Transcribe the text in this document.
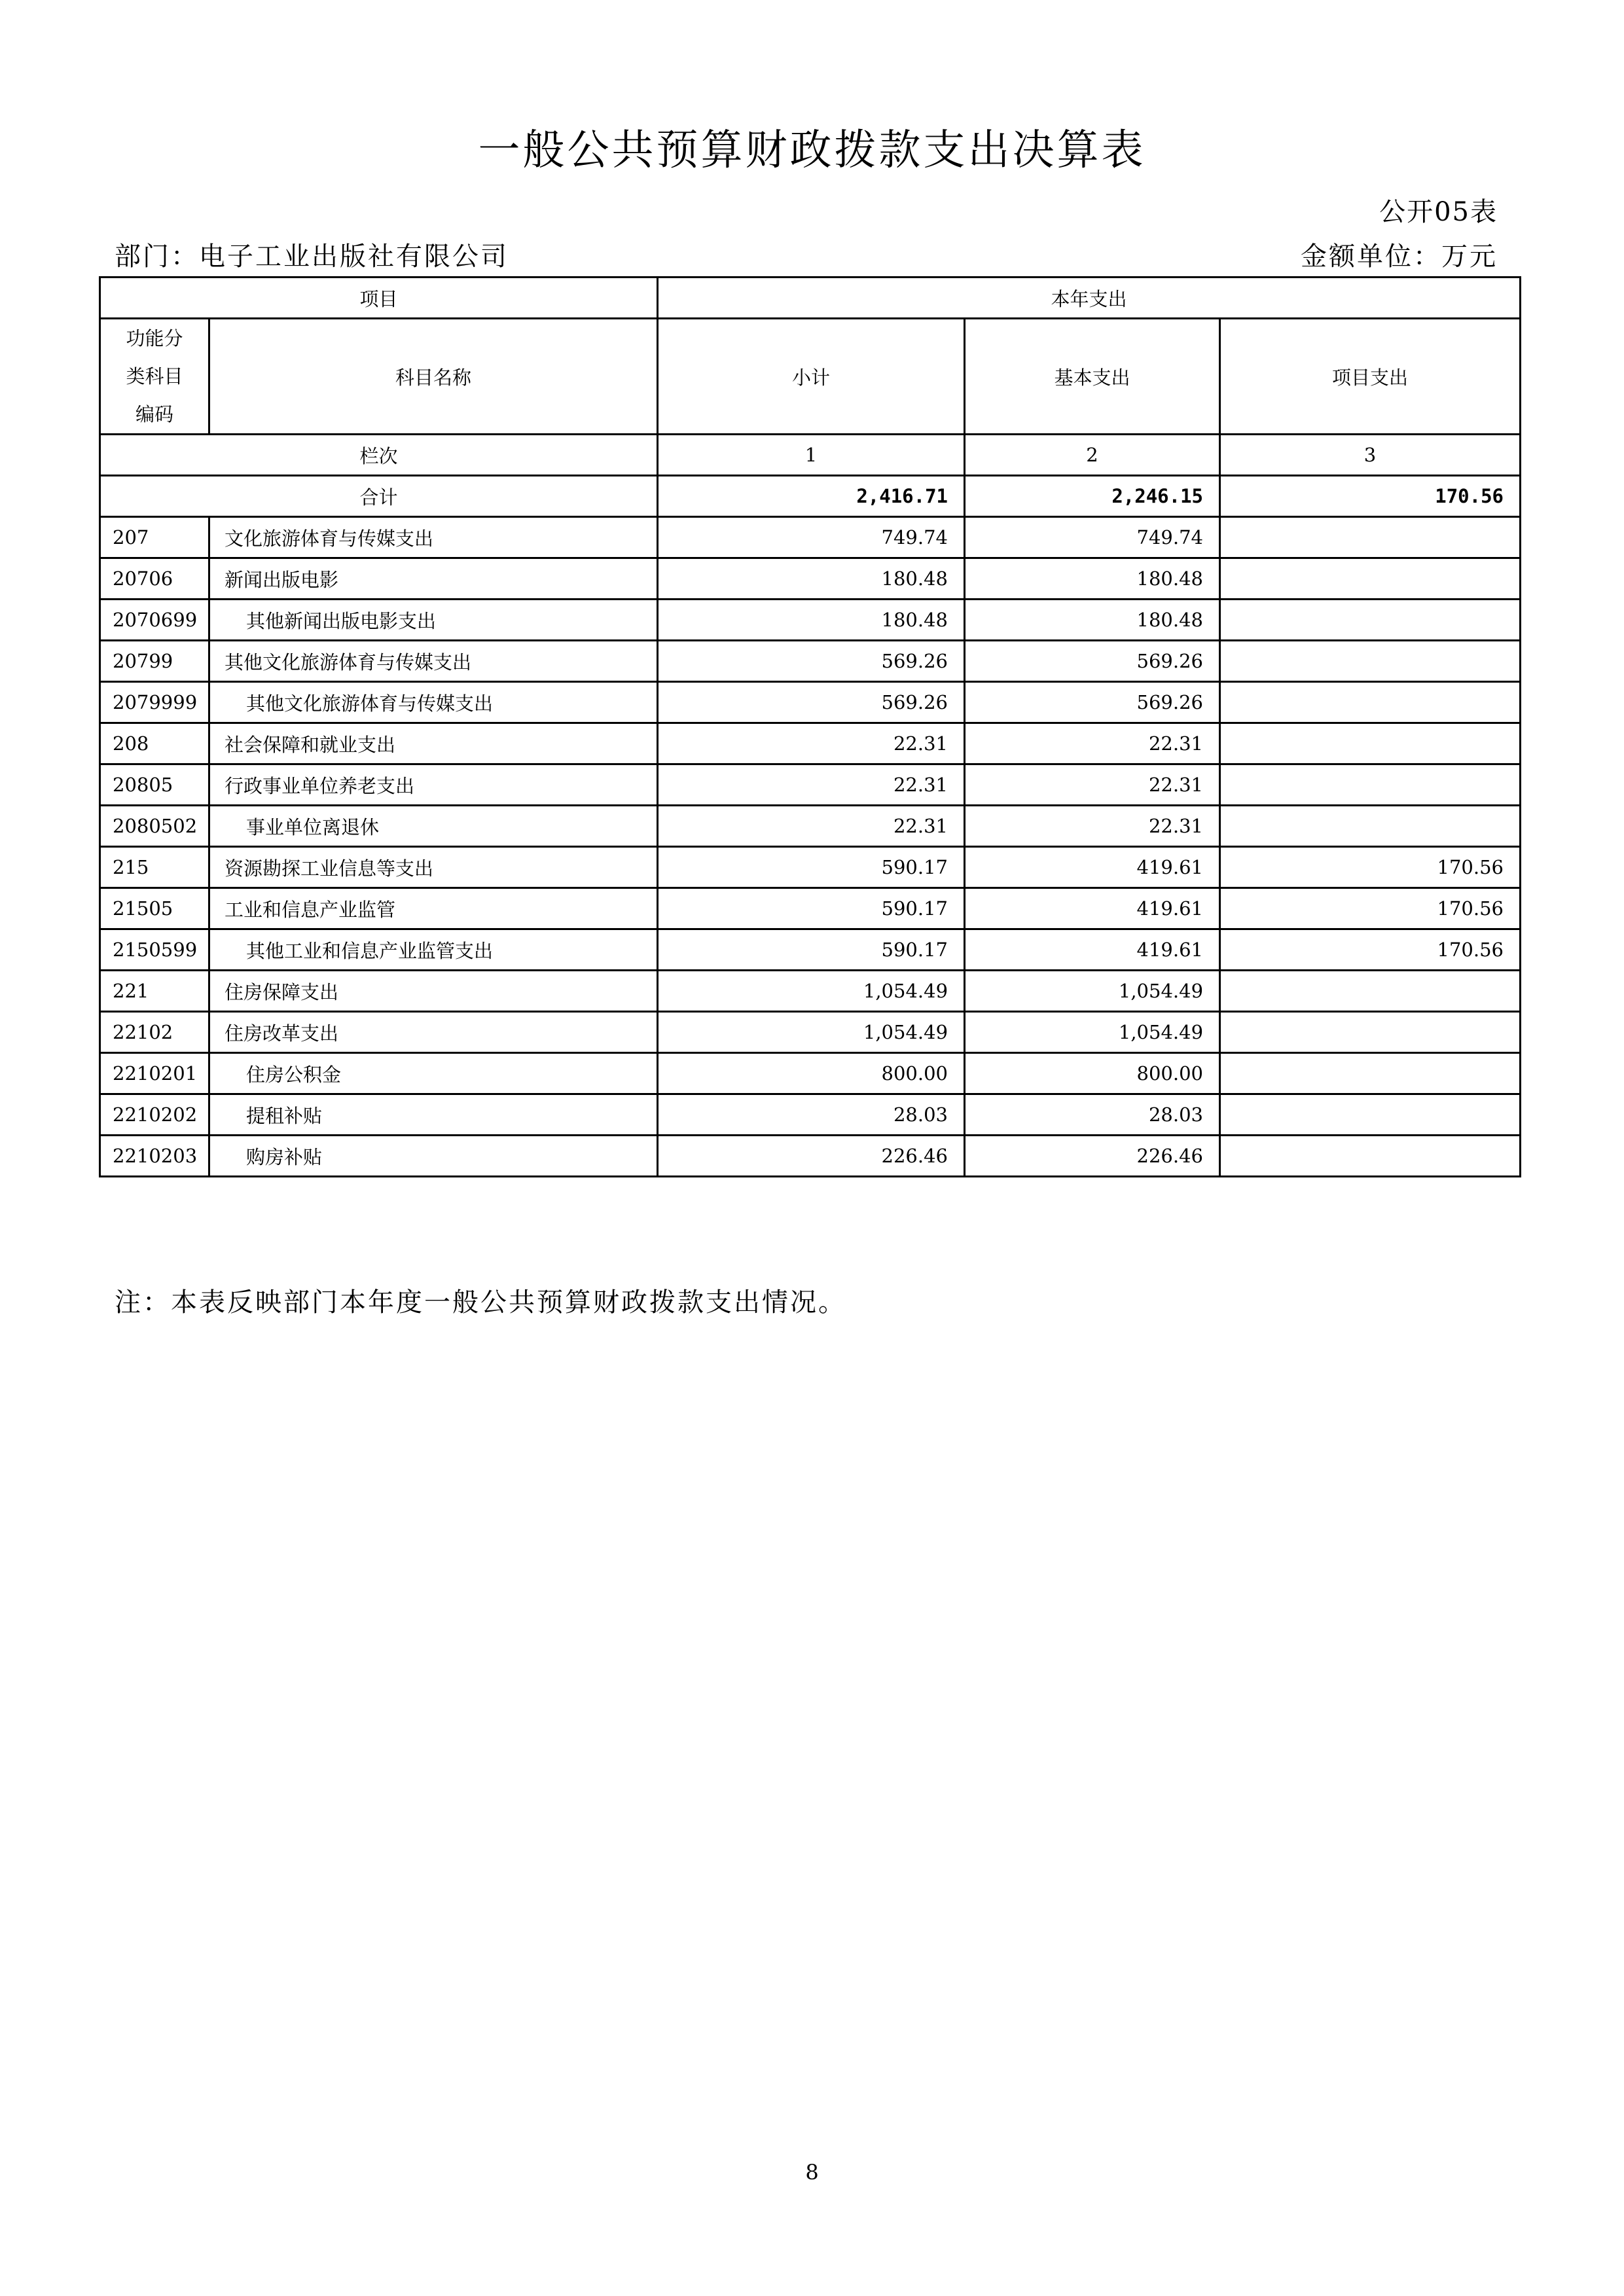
一般公共预算财政拨款支出决算表
公开05表
部门：电子工业出版社有限公司	金额单位：万元
项目		本年支出		

功能分
类科目
编码	科目名称	小计	基本支出	项目支出
栏次		1	2	3
合计		2,416.71	2,246.15	170.56
207	文化旅游体育与传媒支出	749.74	749.74	
20706	新闻出版电影	180.48	180.48	
2070699	其他新闻出版电影支出	180.48	180.48	
20799	其他文化旅游体育与传媒支出	569.26	569.26	
2079999	其他文化旅游体育与传媒支出	569.26	569.26	
208	社会保障和就业支出	22.31	22.31	
20805	行政事业单位养老支出	22.31	22.31	
2080502	事业单位离退休	22.31	22.31	
215	资源勘探工业信息等支出	590.17	419.61	170.56
21505	工业和信息产业监管	590.17	419.61	170.56
2150599	其他工业和信息产业监管支出	590.17	419.61	170.56
221	住房保障支出	1,054.49	1,054.49	
22102	住房改革支出	1,054.49	1,054.49	
2210201	住房公积金	800.00	800.00	
2210202	提租补贴	28.03	28.03	
2210203	购房补贴	226.46	226.46	
注：本表反映部门本年度一般公共预算财政拨款支出情况。
8
